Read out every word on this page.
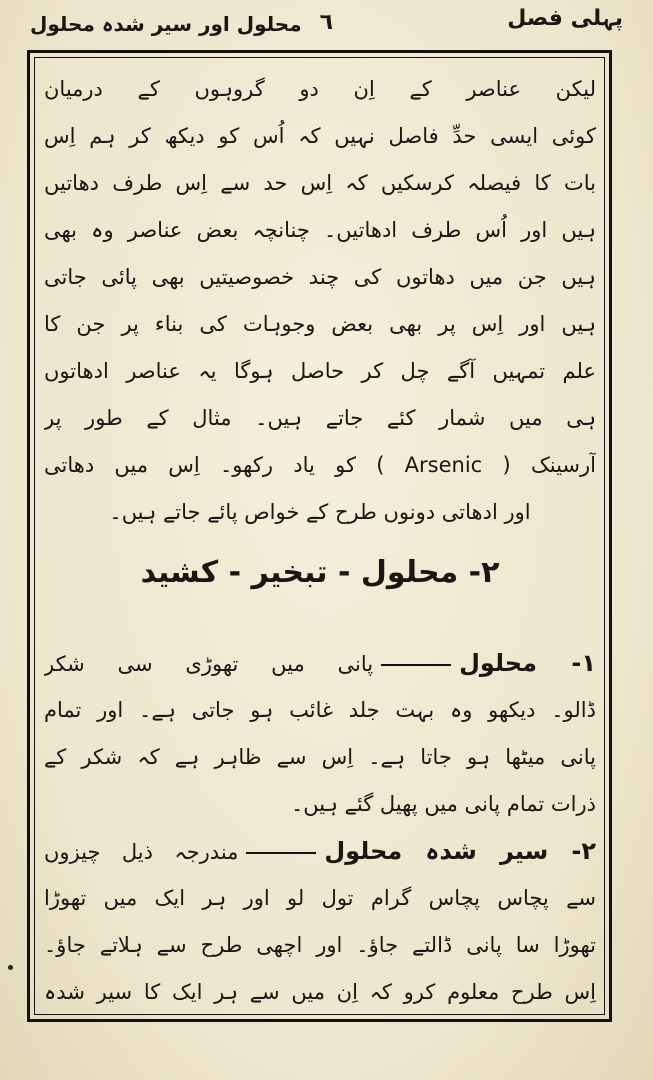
پہلی فصل
٦
محلول اور سیر شدہ محلول
لیکن عناصر کے اِن دو گروہوں کے درمیان
کوئی ایسی حدِّ فاصل نہیں کہ اُس کو دیکھ کر ہم اِس
بات کا فیصلہ کرسکیں کہ اِس حد سے اِس طرف دھاتیں
ہیں اور اُس طرف ادھاتیں۔ چنانچہ بعض عناصر وہ بھی
ہیں جن میں دھاتوں کی چند خصوصیتیں بھی پائی جاتی
ہیں اور اِس پر بھی بعض وجوہات کی بناء پر جن کا
علم تمہیں آگے چل کر حاصل ہوگا یہ عناصر ادھاتوں
ہی میں شمار کئے جاتے ہیں۔ مثال کے طور پر
آرسینک ( Arsenic ) کو یاد رکھو۔ اِس میں دھاتی
اور ادھاتی دونوں طرح کے خواص پائے جاتے ہیں۔
٢- محلول - تبخیر - کشید
١- محلولپانی میں تھوڑی سی شکر
ڈالو۔ دیکھو وہ بہت جلد غائب ہو جاتی ہے۔ اور تمام
پانی میٹھا ہو جاتا ہے۔ اِس سے ظاہر ہے کہ شکر کے
ذرات تمام پانی میں پھیل گئے ہیں۔
٢- سیر شدہ محلولمندرجہ ذیل چیزوں
سے پچاس پچاس گرام تول لو اور ہر ایک میں تھوڑا
تھوڑا سا پانی ڈالتے جاؤ۔ اور اچھی طرح سے ہلاتے جاؤ۔
اِس طرح معلوم کرو کہ اِن میں سے ہر ایک کا سیر شدہ
